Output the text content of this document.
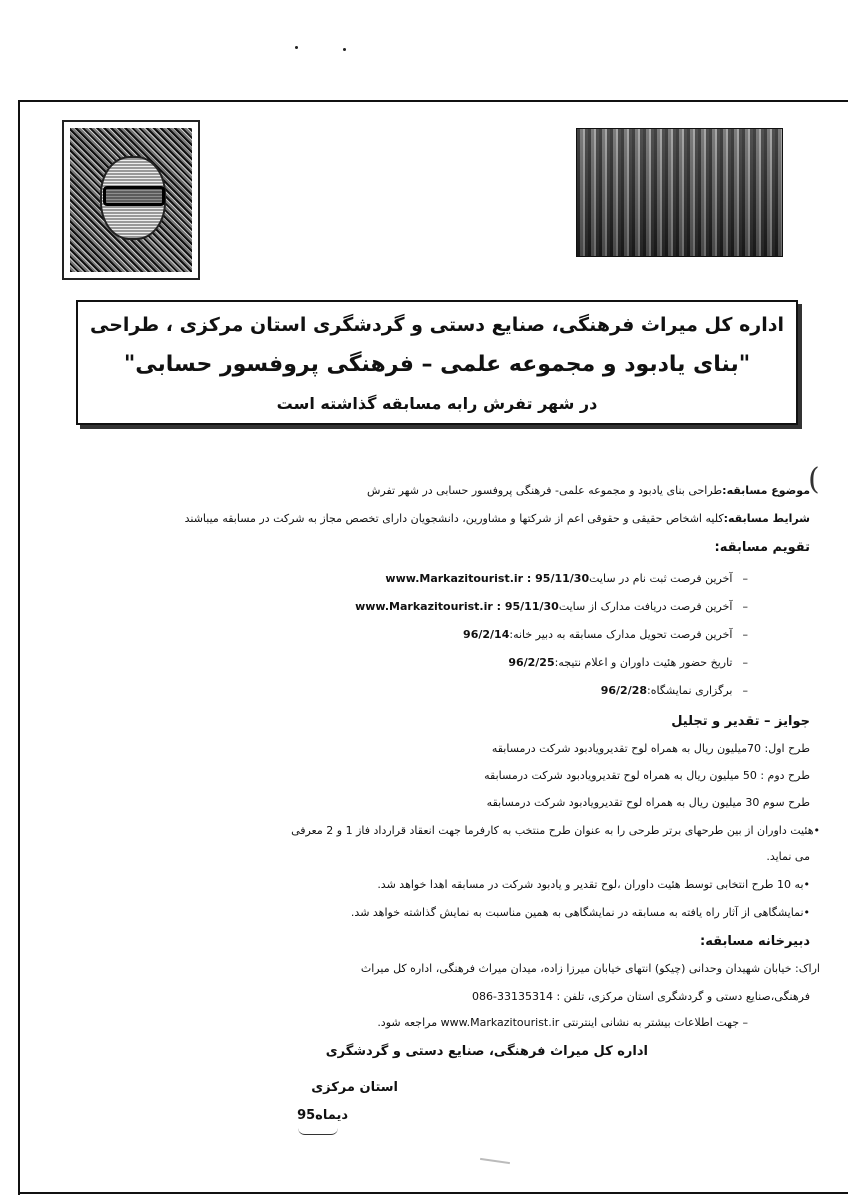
اداره کل میراث فرهنگی، صنایع دستی و گردشگری استان مرکزی ، طراحی
"بنای یادبود و مجموعه علمی – فرهنگی پروفسور حسابی"
در شهر تفرش رابه مسابقه گذاشته است
(
موضوع مسابقه:طراحی بنای یادبود و مجموعه علمی- فرهنگی پروفسور حسابی در شهر تفرش
شرایط مسابقه:کلیه اشخاص حقیقی و حقوقی اعم از شرکتها و مشاورین، دانشجویان دارای تخصص مجاز به شرکت در مسابقه میباشند
تقویم مسابقه:
–آخرین فرصت ثبت نام در سایتwww.Markazitourist.ir : 95/11/30
–آخرین فرصت دریافت مدارک از سایتwww.Markazitourist.ir : 95/11/30
–آخرین فرصت تحویل مدارک مسابقه به دبیر خانه:96/2/14
–تاریخ حضور هئیت داوران و اعلام نتیجه:96/2/25
–برگزاری نمایشگاه:96/2/28
جوایز – تقدیر و تجلیل
طرح اول: 70میلیون ریال به همراه لوح تقدیرویادبود شرکت درمسابقه
طرح دوم : 50 میلیون ریال به همراه لوح تقدیرویادبود شرکت درمسابقه
طرح سوم 30 میلیون ریال به همراه لوح تقدیرویادبود شرکت درمسابقه
•هئیت داوران از بین طرحهای برتر طرحی را به عنوان طرح منتخب به کارفرما جهت انعقاد قرارداد فاز 1 و 2 معرفی
می نماید.
•به 10 طرح انتخابی توسط هئیت داوران ،لوح تقدیر و یادبود شرکت در مسابقه اهدا خواهد شد.
•نمایشگاهی از آثار راه یافته به مسابقه در نمایشگاهی به همین مناسبت به نمایش گذاشته خواهد شد.
دبیرخانه مسابقه:
اراک: خیابان شهیدان وحدانی (چیکو) انتهای خیابان میرزا زاده، میدان میراث فرهنگی، اداره کل میراث
فرهنگی،صنایع دستی و گردشگری استان مرکزی، تلفن : 33135314-086
– جهت اطلاعات بیشتر به نشانی اینترنتی www.Markazitourist.ir مراجعه شود.
اداره کل میراث فرهنگی، صنایع دستی و گردشگری
استان مرکزی
دیماه95
